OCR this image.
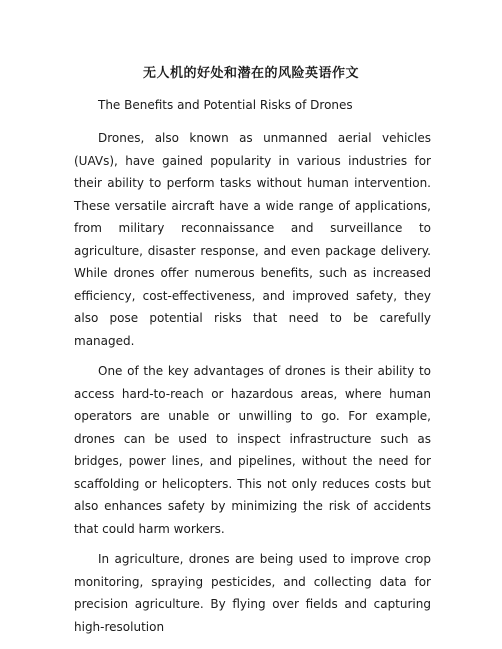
无人机的好处和潜在的风险英语作文

The Benefits and Potential Risks of Drones

Drones, also known as unmanned aerial vehicles (UAVs), have gained popularity in various industries for their ability to perform tasks without human intervention. These versatile aircraft have a wide range of applications, from military reconnaissance and surveillance to agriculture, disaster response, and even package delivery. While drones offer numerous benefits, such as increased efficiency, cost-effectiveness, and improved safety, they also pose potential risks that need to be carefully managed.

One of the key advantages of drones is their ability to access hard-to-reach or hazardous areas, where human operators are unable or unwilling to go. For example, drones can be used to inspect infrastructure such as bridges, power lines, and pipelines, without the need for scaffolding or helicopters. This not only reduces costs but also enhances safety by minimizing the risk of accidents that could harm workers.

In agriculture, drones are being used to improve crop monitoring, spraying pesticides, and collecting data for precision agriculture. By flying over fields and capturing high-resolution
